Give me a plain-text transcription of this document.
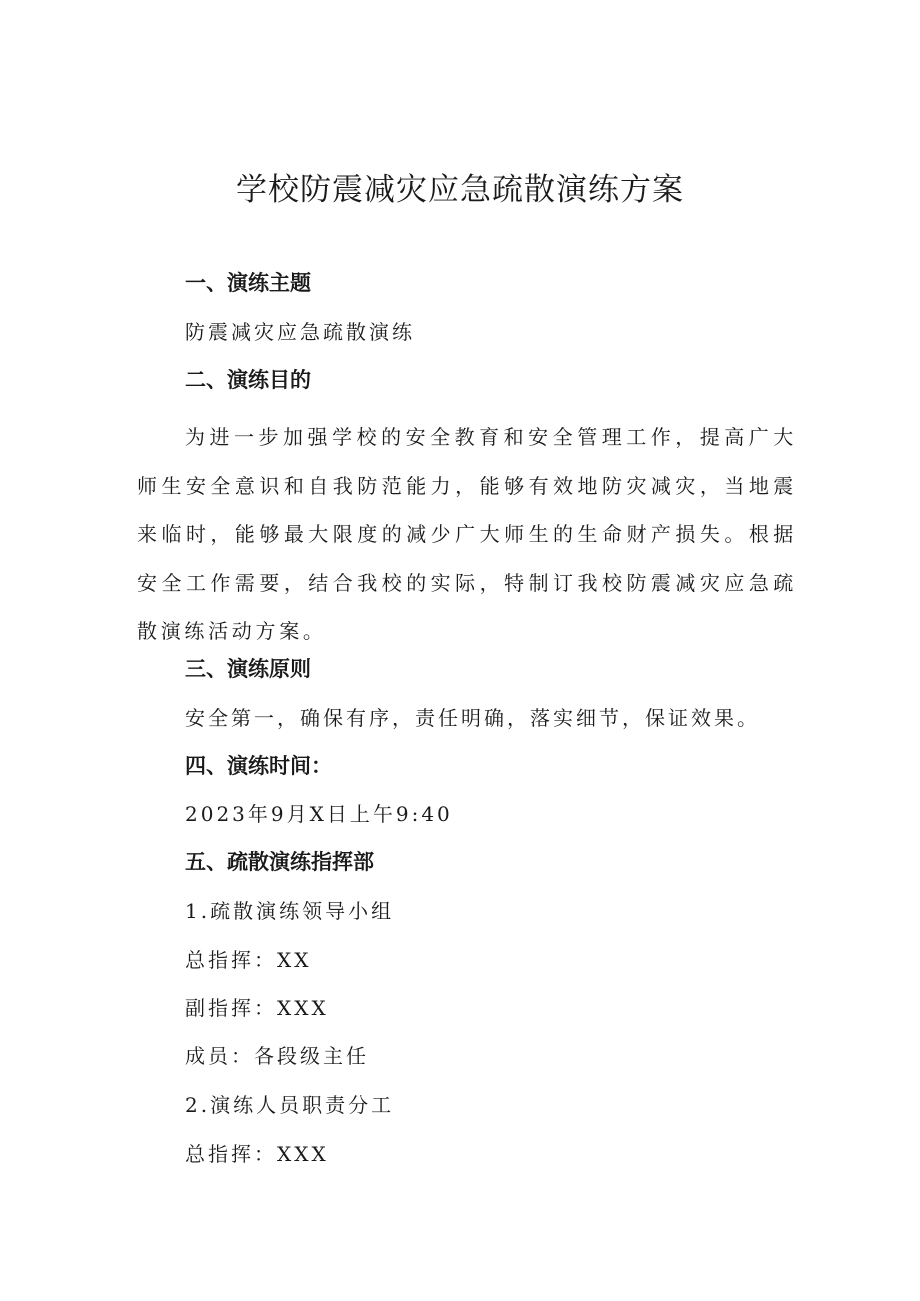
学校防震减灾应急疏散演练方案
一、演练主题

防震减灾应急疏散演练

二、演练目的

为进一步加强学校的安全教育和安全管理工作，提高广大师生安全意识和自我防范能力，能够有效地防灾减灾，当地震来临时，能够最大限度的减少广大师生的生命财产损失。根据安全工作需要，结合我校的实际，特制订我校防震减灾应急疏散演练活动方案。

三、演练原则

安全第一，确保有序，责任明确，落实细节，保证效果。

四、演练时间：

2023年9月X日上午9:40

五、疏散演练指挥部

1.疏散演练领导小组

总指挥：XX

副指挥：XXX

成员：各段级主任

2.演练人员职责分工

总指挥：XXX
